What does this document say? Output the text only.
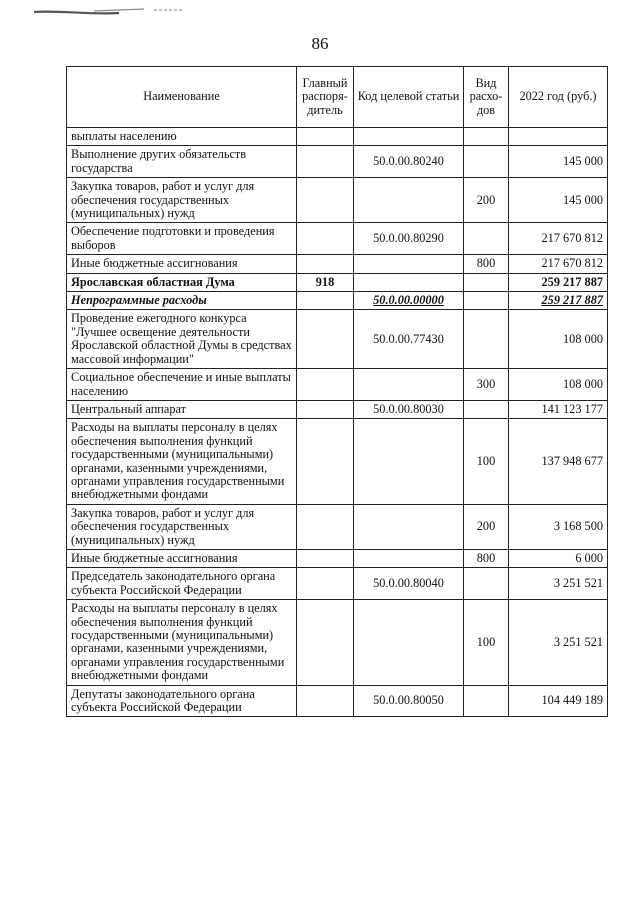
86
Наименование	Главный распоря-дитель	Код целевой статьи	Вид расхо-дов	2022 год (руб.)
выплаты населению				
Выполнение других обязательств государства		50.0.00.80240		145 000
Закупка товаров, работ и услуг для обеспечения государственных (муниципальных) нужд			200	145 000
Обеспечение подготовки и проведения выборов		50.0.00.80290		217 670 812
Иные бюджетные ассигнования			800	217 670 812
Ярославская областная Дума	918			259 217 887
Непрограммные расходы		50.0.00.00000		259 217 887
Проведение ежегодного конкурса "Лучшее освещение деятельности Ярославской областной Думы в средствах массовой информации"		50.0.00.77430		108 000
Социальное обеспечение и иные выплаты населению			300	108 000
Центральный аппарат		50.0.00.80030		141 123 177
Расходы на выплаты персоналу в целях обеспечения выполнения функций государственными (муниципальными) органами, казенными учреждениями, органами управления государственными внебюджетными фондами			100	137 948 677
Закупка товаров, работ и услуг для обеспечения государственных (муниципальных) нужд			200	3 168 500
Иные бюджетные ассигнования			800	6 000
Председатель законодательного органа субъекта Российской Федерации		50.0.00.80040		3 251 521
Расходы на выплаты персоналу в целях обеспечения выполнения функций государственными (муниципальными) органами, казенными учреждениями, органами управления государственными внебюджетными фондами			100	3 251 521
Депутаты законодательного органа субъекта Российской Федерации		50.0.00.80050		104 449 189
